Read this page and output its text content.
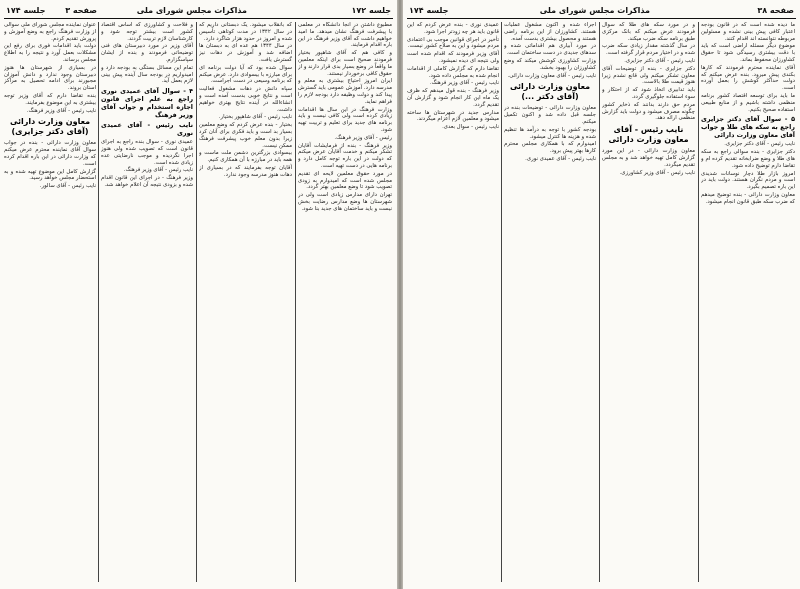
جلسه ۱۷۲
مذاکرات مجلس شورای ملی
صفحه ۳
جلسه ۱۷۴

عنوان نماینده مجلس شورای ملی سوالی از وزارت فرهنگ راجع به وضع آموزش و پرورش تقدیم کردم.

دولت باید اقدامات فوری برای رفع این مشکلات بعمل آورد و نتیجه را به اطلاع مجلس برساند.

در بسیاری از شهرستان ها هنوز دبیرستان وجود ندارد و دانش آموزان مجبورند برای ادامه تحصیل به مراکز استان بروند.

بنده تقاضا دارم که آقای وزیر توجه بیشتری به این موضوع بفرمایند.

نایب رئیس - آقای وزیر فرهنگ.

معاون وزارت دارائی (آقای دکتر جزایری)

معاون وزارت دارائی - بنده در جواب سوال آقای نماینده محترم عرض میکنم که وزارت دارائی در این باره اقدام کرده است.

گزارش کامل این موضوع تهیه شده و به استحضار مجلس خواهد رسید.

نایب رئیس - آقای سالور.

و فلاحت و کشاورزی که اساس اقتصاد کشور است بیشتر توجه شود و کارشناسان لازم تربیت گردند.

آقای وزیر در مورد دبیرستان های فنی توضیحاتی فرمودند و بنده از ایشان سپاسگزارم.

تمام این مسائل بستگی به بودجه دارد و امیدواریم در بودجه سال آینده پیش بینی لازم بعمل آید.

۴ - سوال آقای عمیدی نوری راجع به علم اجرای قانون اجازه استخدام و جواب آقای وزیر فرهنگ
نایب رئیس - آقای عمیدی نوری

عمیدی نوری - سوال بنده راجع به اجرای قانون است که تصویب شده ولی هنوز اجرا نگردیده و موجب نارضایتی عده زیادی شده است.

نایب رئیس - آقای وزیر فرهنگ.

وزیر فرهنگ - در اجرای این قانون اقدام شده و بزودی نتیجه آن اعلام خواهد شد.

که بانقلاب میشود. یک دبستانی داریم که در سال ۱۳۴۲ در مدت کوتاهی تأسیس شده و امروز در حدود هزار شاگرد دارد.

در سال ۱۳۴۴ هم عده ای به دبستان ها اضافه شد و آموزش در دهات نیز گسترش یافت.

سوال شده بود که آیا دولت برنامه ای برای مبارزه با بیسوادی دارد. عرض میکنم که برنامه وسیعی در دست اجراست.

سپاه دانش در دهات مشغول فعالیت است و نتایج خوبی بدست آمده است و انشاءالله در آینده نتایج بهتری خواهیم داشت.

نایب رئیس - آقای شاهپور بختیار.

بختیار - بنده عرض کردم که وضع معلمین بسیار بد است و باید فکری برای آنان کرد زیرا بدون معلم خوب پیشرفت فرهنگ ممکن نیست.

بیسوادی بزرگترین دشمن ملت ماست و همه باید در مبارزه با آن همکاری کنیم.

آقایان توجه بفرمایند که در بسیاری از دهات هنوز مدرسه وجود ندارد.

مطبوع داشتن در آنجا دانشگاه در معلمی با پیشرفت فرهنگ نشان میدهد. ما امید خواهیم داشت که آقای وزیر فرهنگ در این باره اقدام فرمایند.

و کافی هم که آقای شاهپور بختیار فرمودند صحیح است برای اینکه معلمین ما واقعاً در وضع بسیار بدی قرار دارند و از حقوق کافی برخوردار نیستند.

ایران امروز احتیاج بیشتری به معلم و مدرسه دارد. آموزش عمومی باید گسترش پیدا کند و دولت وظیفه دارد بودجه لازم را فراهم نماید.

وزارت فرهنگ در این سال ها اقدامات زیادی کرده است ولی کافی نیست و باید برنامه های جدید برای تعلیم و تربیت تهیه شود.

رئیس - آقای وزیر فرهنگ.

وزیر فرهنگ - بنده از فرمایشات آقایان تشکر میکنم و خدمت آقایان عرض میکنم که دولت در این باره توجه کامل دارد و برنامه هایی در دست تهیه است.

در مورد حقوق معلمین لایحه ای تقدیم مجلس شده است که امیدوارم به زودی تصویب شود تا وضع معلمین بهتر گردد.

تهران دارای مدارس زیادی است ولی در شهرستان ها وضع مدارس رضایت بخش نیست و باید ساختمان های جدید بنا شود.

صفحه ۳۸
مذاکرات مجلس شورای ملی
جلسه ۱۷۴

عمیدی نوری - بنده عرض کردم که این قانون باید هر چه زودتر اجرا شود.

تأخیر در اجرای قوانین موجب بی اعتمادی مردم میشود و این به صلاح کشور نیست.

آقای وزیر فرمودند که اقدام شده است ولی نتیجه ای دیده نمیشود.

تقاضا دارم که گزارش کاملی از اقدامات انجام شده به مجلس داده شود.

نایب رئیس - آقای وزیر فرهنگ.

وزیر فرهنگ - بنده قول میدهم که ظرف یک ماه این کار انجام شود و گزارش آن تقدیم گردد.

مدارس جدید در شهرستان ها ساخته میشود و معلمین لازم اعزام میگردند.

نایب رئیس - سوال بعدی.

اجراء شده و اکنون مشغول عملیات هستند. کشاورزان از این برنامه راضی هستند و محصول بیشتری بدست آمده.

در مورد آبیاری هم اقداماتی شده و سدهای جدیدی در دست ساختمان است.

وزارت کشاورزی کوشش میکند که وضع کشاورزان را بهبود بخشد.

نایب رئیس - آقای معاون وزارت دارائی.

معاون وزارت دارائی (آقای دکتر ...)

معاون وزارت دارائی - توضیحات بنده در جلسه قبل داده شد و اکنون تکمیل میکنم.

بودجه کشور با توجه به درآمد ها تنظیم شده و هزینه ها کنترل میشود.

امیدوارم که با همکاری مجلس محترم کارها بهتر پیش برود.

نایب رئیس - آقای عمیدی نوری.

و در مورد سکه های طلا که سوال فرمودند عرض میکنم که بانک مرکزی طبق برنامه سکه ضرب میکند.

در سال گذشته مقدار زیادی سکه ضرب شده و در اختیار مردم قرار گرفته است.

نایب رئیس - آقای دکتر جزایری.

دکتر جزایری - بنده از توضیحات آقای معاون تشکر میکنم ولی قانع نشدم زیرا هنوز قیمت طلا بالاست.

باید تدابیری اتخاذ شود که از احتکار و سوء استفاده جلوگیری گردد.

مردم حق دارند بدانند که ذخایر کشور چگونه مصرف میشود و دولت باید گزارش منظمی ارائه دهد.

نایب رئیس - آقای معاون وزارت دارائی

معاون وزارت دارائی - در این مورد گزارش کامل تهیه خواهد شد و به مجلس تقدیم میگردد.

نایب رئیس - آقای وزیر کشاورزی.

ما دیده شده است که در قانون بودجه اعتبار کافی پیش بینی نشده و مسئولین مربوطه نتوانسته اند اقدام کنند.

موضوع دیگر مسئله اراضی است که باید با دقت بیشتری رسیدگی شود تا حقوق کشاورزان محفوظ بماند.

آقای نماینده محترم فرمودند که کارها بکندی پیش میرود. بنده عرض میکنم که دولت حداکثر کوشش را بعمل آورده است.

ما باید برای توسعه اقتصاد کشور برنامه منظمی داشته باشیم و از منابع طبیعی استفاده صحیح بکنیم.

۵ - سوال آقای دکتر جزایری راجع به سکه های طلا و جواب آقای معاون وزارت دارائی

نایب رئیس - آقای دکتر جزایری.

دکتر جزایری - بنده سوالی راجع به سکه های طلا و وضع ضرابخانه تقدیم کرده ام و تقاضا دارم توضیح داده شود.

امروز بازار طلا دچار نوسانات شدیدی است و مردم نگران هستند. دولت باید در این باره تصمیم بگیرد.

معاون وزارت دارائی - بنده توضیح میدهم که ضرب سکه طبق قانون انجام میشود.
